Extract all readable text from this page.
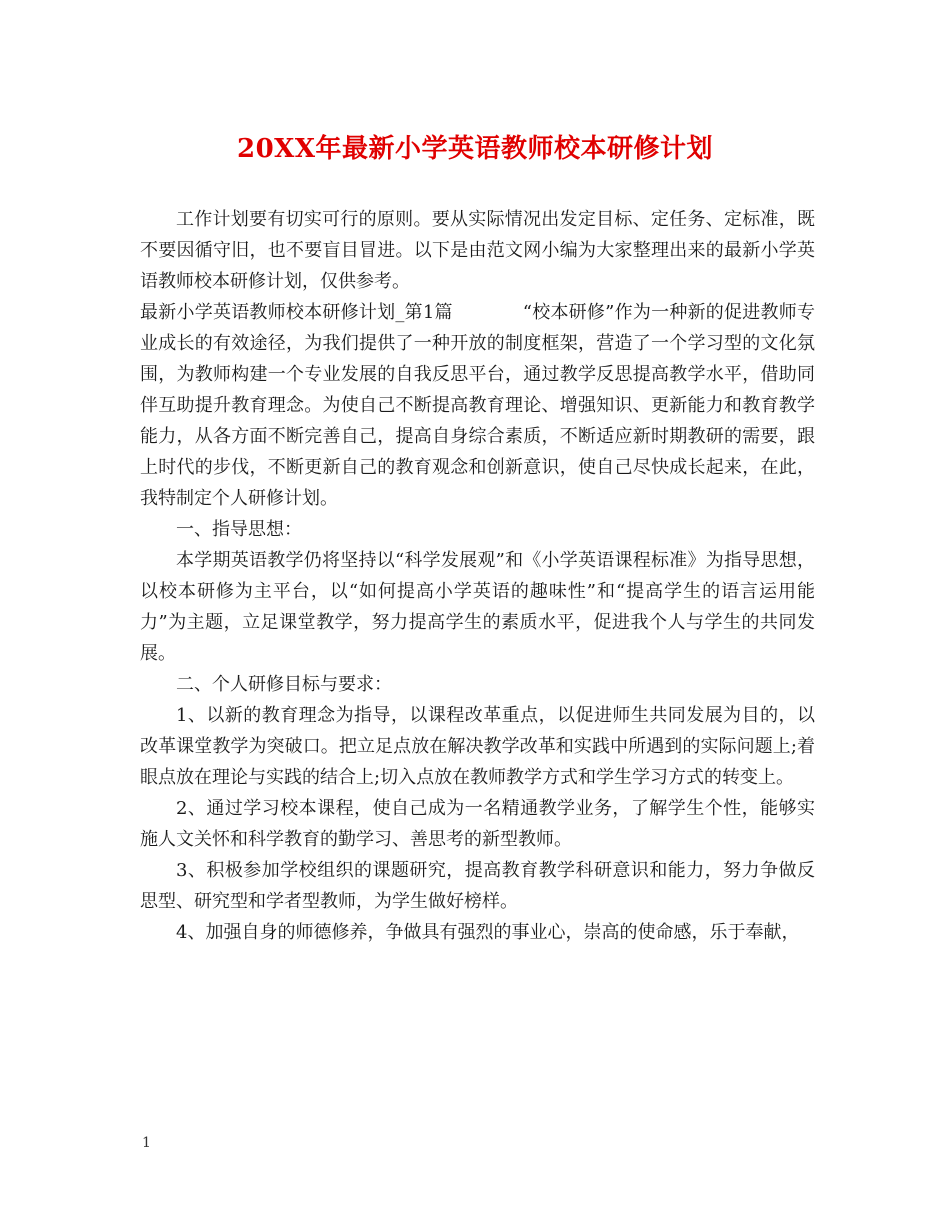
20XX年最新小学英语教师校本研修计划

工作计划要有切实可行的原则。要从实际情况出发定目标、定任务、定标准，既不要因循守旧，也不要盲目冒进。以下是由范文网小编为大家整理出来的最新小学英语教师校本研修计划，仅供参考。

最新小学英语教师校本研修计划_第1篇	“校本研修”作为一种新的促进教师专业成长的有效途径，为我们提供了一种开放的制度框架，营造了一个学习型的文化氛围，为教师构建一个专业发展的自我反思平台，通过教学反思提高教学水平，借助同伴互助提升教育理念。为使自己不断提高教育理论、增强知识、更新能力和教育教学能力，从各方面不断完善自己，提高自身综合素质，不断适应新时期教研的需要，跟上时代的步伐，不断更新自己的教育观念和创新意识，使自己尽快成长起来，在此，我特制定个人研修计划。

一、指导思想：

本学期英语教学仍将坚持以“科学发展观”和《小学英语课程标准》为指导思想，以校本研修为主平台，以“如何提高小学英语的趣味性”和“提高学生的语言运用能力”为主题，立足课堂教学，努力提高学生的素质水平，促进我个人与学生的共同发展。

二、个人研修目标与要求：

1、以新的教育理念为指导，以课程改革重点，以促进师生共同发展为目的，以改革课堂教学为突破口。把立足点放在解决教学改革和实践中所遇到的实际问题上;着眼点放在理论与实践的结合上;切入点放在教师教学方式和学生学习方式的转变上。

2、通过学习校本课程，使自己成为一名精通教学业务，了解学生个性，能够实施人文关怀和科学教育的勤学习、善思考的新型教师。

3、积极参加学校组织的课题研究，提高教育教学科研意识和能力，努力争做反思型、研究型和学者型教师，为学生做好榜样。

4、加强自身的师德修养，争做具有强烈的事业心，崇高的使命感，乐于奉献，

1
